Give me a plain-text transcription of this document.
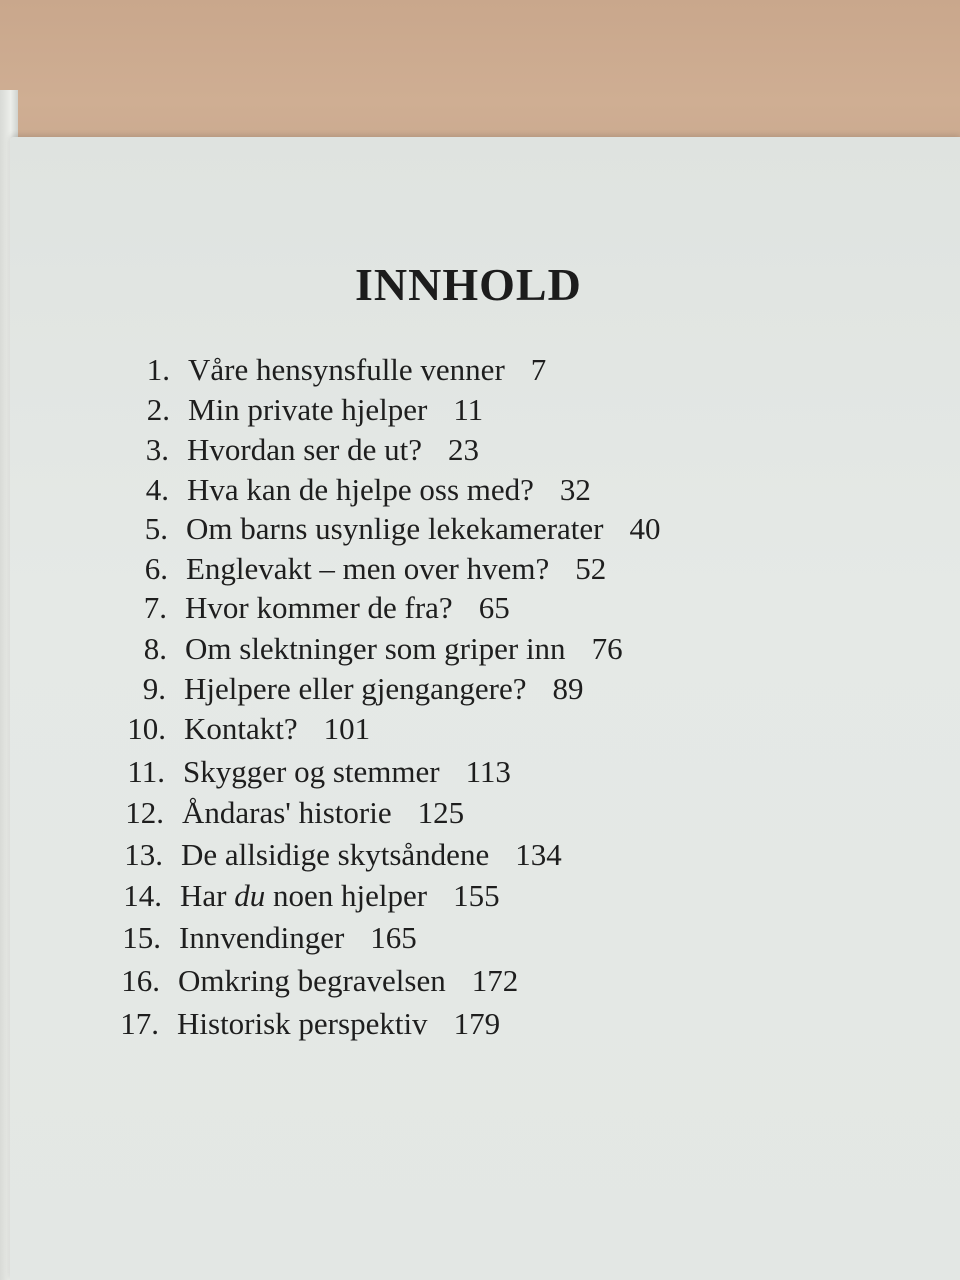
INNHOLD
1. Våre hensynsfulle venner 7
2. Min private hjelper 11
3. Hvordan ser de ut? 23
4. Hva kan de hjelpe oss med? 32
5. Om barns usynlige lekekamerater 40
6. Englevakt – men over hvem? 52
7. Hvor kommer de fra? 65
8. Om slektninger som griper inn 76
9. Hjelpere eller gjengangere? 89
10. Kontakt? 101
11. Skygger og stemmer 113
12. Åndaras' historie 125
13. De allsidige skytsåndene 134
14. Har du noen hjelper 155
15. Innvendinger 165
16. Omkring begravelsen 172
17. Historisk perspektiv 179
